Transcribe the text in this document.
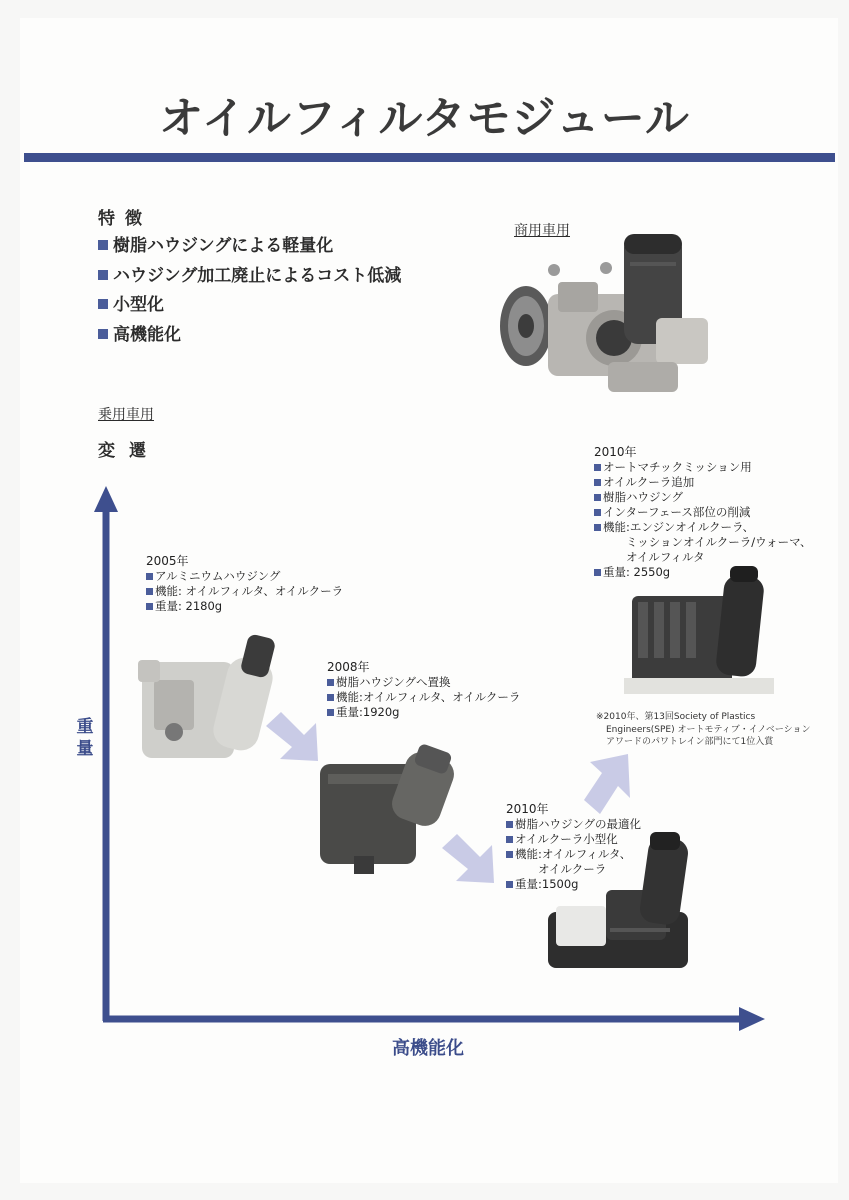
オイルフィルタモジュール
特徴
樹脂ハウジングによる軽量化
ハウジング加工廃止によるコスト低減
小型化
高機能化
商用車用
乗用車用
変遷
2005年
アルミニウムハウジング
機能: オイルフィルタ、オイルクーラ
重量: 2180g
2008年
樹脂ハウジングへ置換
機能:オイルフィルタ、オイルクーラ
重量:1920g
2010年
樹脂ハウジングの最適化
オイルクーラ小型化
機能:オイルフィルタ、
オイルクーラ
重量:1500g
2010年
オートマチックミッション用
オイルクーラ追加
樹脂ハウジング
インターフェース部位の削減
機能:エンジンオイルクーラ、
ミッションオイルクーラ/ウォーマ、
オイルフィルタ
重量: 2550g
※2010年、第13回Society of Plastics
Engineers(SPE) オートモティブ・イノベーション
アワードのパワトレイン部門にて1位入賞
重量
高機能化
